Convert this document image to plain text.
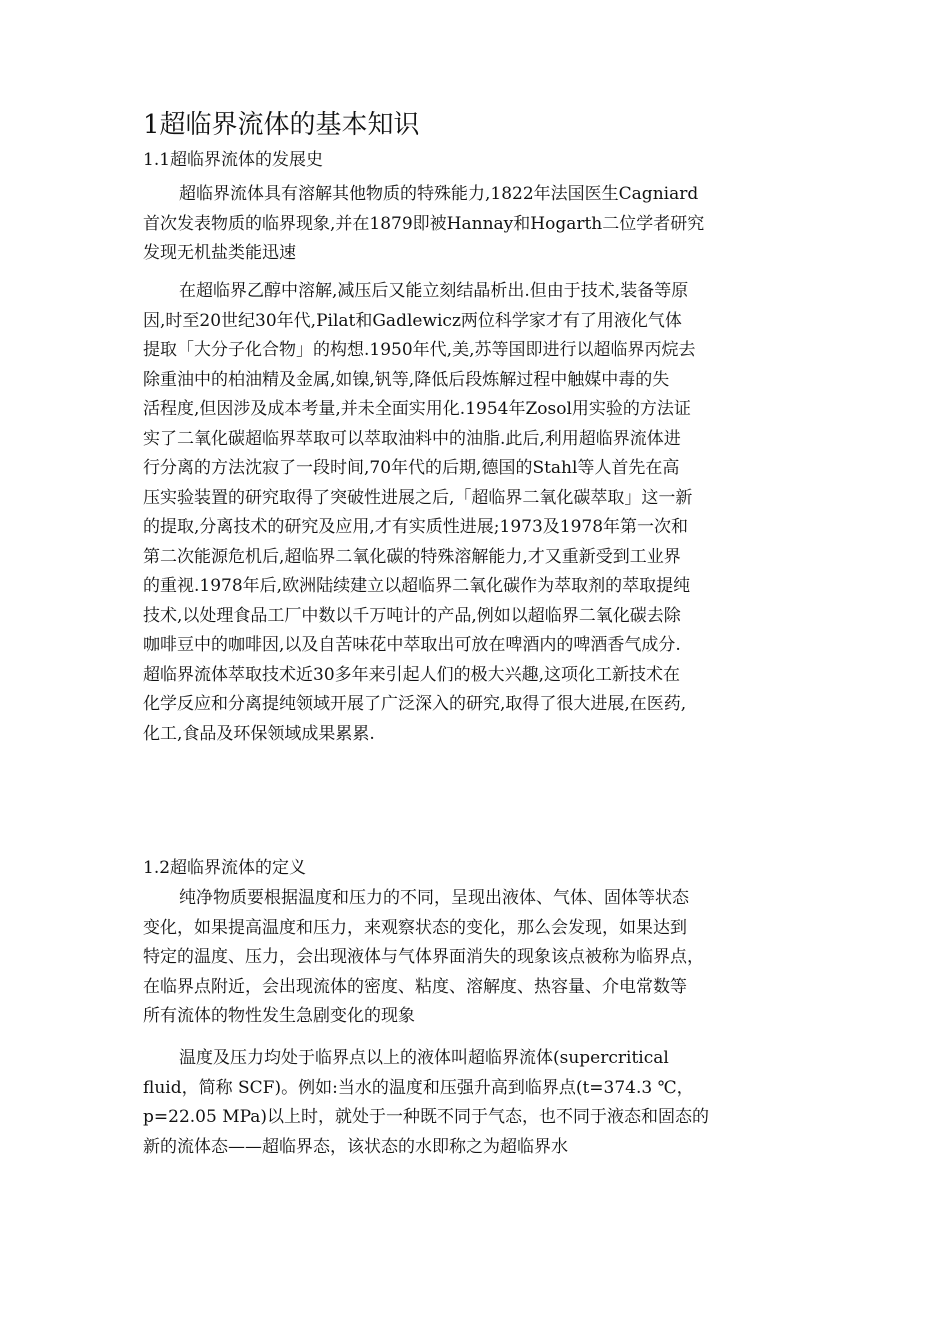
1超临界流体的基本知识
1.1超临界流体的发展史
超临界流体具有溶解其他物质的特殊能力,1822年法国医生Cagniard
首次发表物质的临界现象,并在1879即被Hannay和Hogarth二位学者研究
发现无机盐类能迅速
在超临界乙醇中溶解,减压后又能立刻结晶析出.但由于技术,装备等原
因,时至20世纪30年代,Pilat和Gadlewicz两位科学家才有了用液化气体
提取「大分子化合物」的构想.1950年代,美,苏等国即进行以超临界丙烷去
除重油中的柏油精及金属,如镍,钒等,降低后段炼解过程中触媒中毒的失
活程度,但因涉及成本考量,并未全面实用化.1954年Zosol用实验的方法证
实了二氧化碳超临界萃取可以萃取油料中的油脂.此后,利用超临界流体进
行分离的方法沈寂了一段时间,70年代的后期,德国的Stahl等人首先在高
压实验装置的研究取得了突破性进展之后,「超临界二氧化碳萃取」这一新
的提取,分离技术的研究及应用,才有实质性进展;1973及1978年第一次和
第二次能源危机后,超临界二氧化碳的特殊溶解能力,才又重新受到工业界
的重视.1978年后,欧洲陆续建立以超临界二氧化碳作为萃取剂的萃取提纯
技术,以处理食品工厂中数以千万吨计的产品,例如以超临界二氧化碳去除
咖啡豆中的咖啡因,以及自苦味花中萃取出可放在啤酒内的啤酒香气成分.
超临界流体萃取技术近30多年来引起人们的极大兴趣,这项化工新技术在
化学反应和分离提纯领域开展了广泛深入的研究,取得了很大进展,在医药,
化工,食品及环保领域成果累累.
1.2超临界流体的定义
纯净物质要根据温度和压力的不同，呈现出液体、气体、固体等状态
变化，如果提高温度和压力，来观察状态的变化，那么会发现，如果达到
特定的温度、压力，会出现液体与气体界面消失的现象该点被称为临界点，
在临界点附近，会出现流体的密度、粘度、溶解度、热容量、介电常数等
所有流体的物性发生急剧变化的现象
温度及压力均处于临界点以上的液体叫超临界流体(supercritical
fluid，简称 SCF)。例如:当水的温度和压强升高到临界点(t=374.3 ℃，
p=22.05 MPa)以上时，就处于一种既不同于气态，也不同于液态和固态的
新的流体态——超临界态，该状态的水即称之为超临界水
